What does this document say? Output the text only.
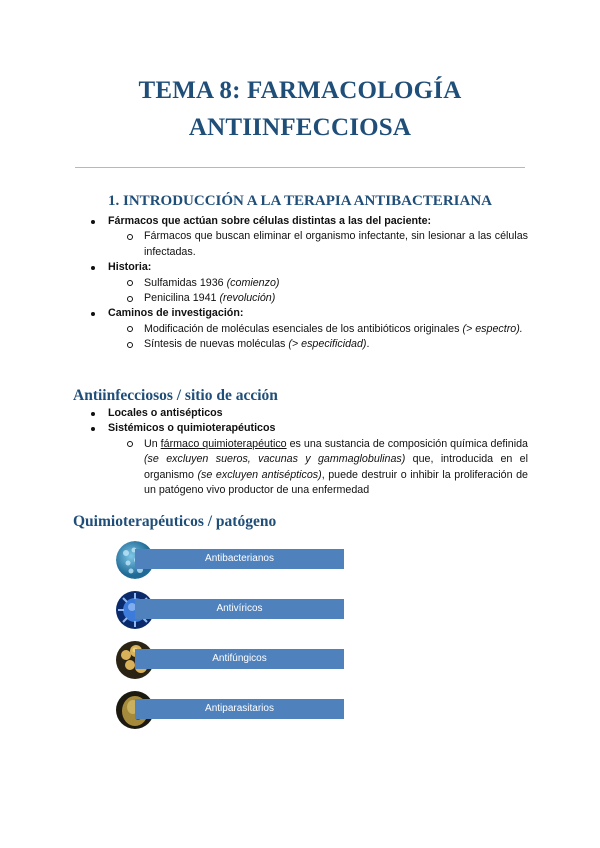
TEMA 8: FARMACOLOGÍA
ANTIINFECCIOSA
1. INTRODUCCIÓN A LA TERAPIA ANTIBACTERIANA
Fármacos que actúan sobre células distintas a las del paciente:
Fármacos que buscan eliminar el organismo infectante, sin lesionar a las células infectadas.
Historia:
Sulfamidas 1936 (comienzo)
Penicilina 1941 (revolución)
Caminos de investigación:
Modificación de moléculas esenciales de los antibióticos originales (> espectro).
Síntesis de nuevas moléculas (> especificidad).
Antiinfecciosos / sitio de acción
Locales o antisépticos
Sistémicos o quimioterapéuticos
Un fármaco quimioterapéutico es una sustancia de composición química definida (se excluyen sueros, vacunas y gammaglobulinas) que, introducida en el organismo (se excluyen antisépticos), puede destruir o inhibir la proliferación de un patógeno vivo productor de una enfermedad
Quimioterapéuticos / patógeno
Antibacterianos
Antivíricos
Antifúngicos
Antiparasitarios
